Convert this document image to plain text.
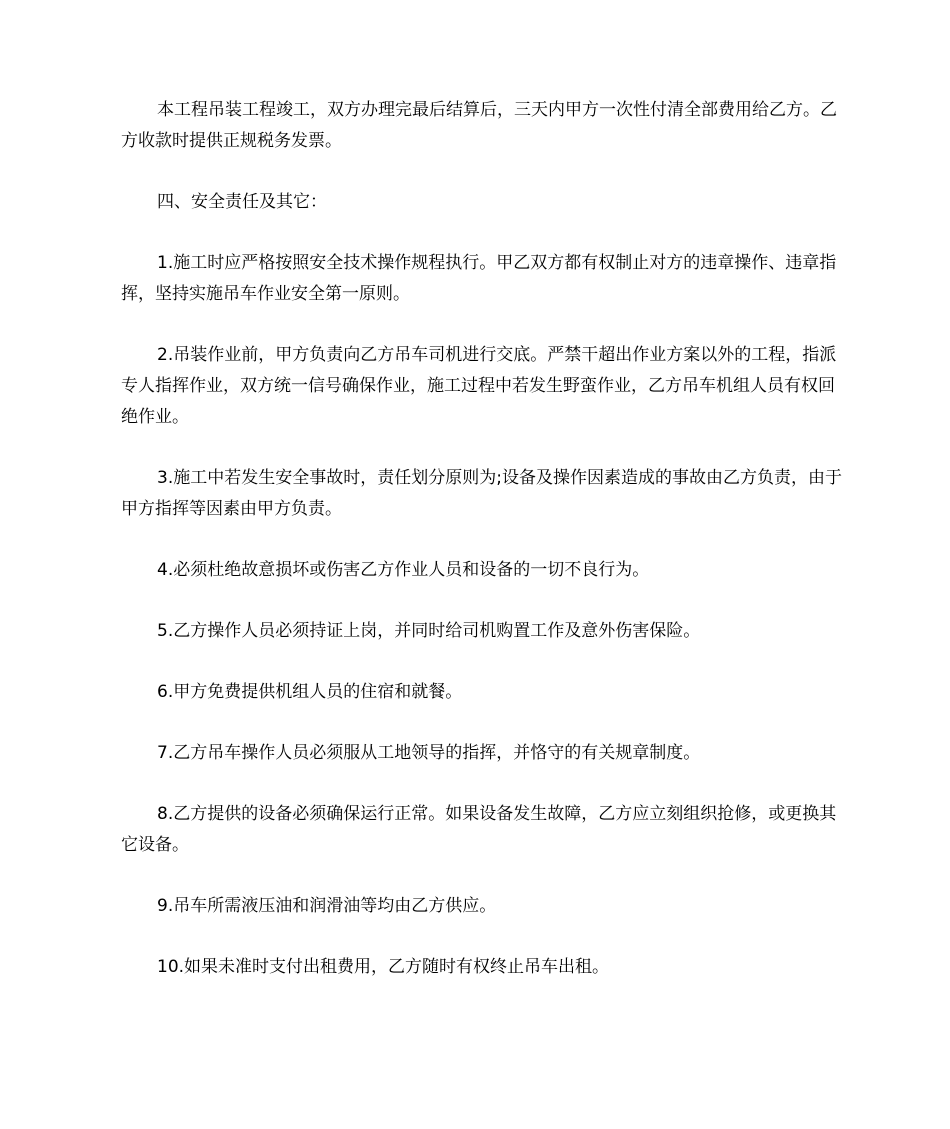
本工程吊装工程竣工，双方办理完最后结算后，三天内甲方一次性付清全部费用给乙方。乙方收款时提供正规税务发票。

四、安全责任及其它：

1.施工时应严格按照安全技术操作规程执行。甲乙双方都有权制止对方的违章操作、违章指挥，坚持实施吊车作业安全第一原则。

2.吊装作业前，甲方负责向乙方吊车司机进行交底。严禁干超出作业方案以外的工程，指派专人指挥作业，双方统一信号确保作业，施工过程中若发生野蛮作业，乙方吊车机组人员有权回绝作业。

3.施工中若发生安全事故时，责任划分原则为;设备及操作因素造成的事故由乙方负责，由于甲方指挥等因素由甲方负责。

4.必须杜绝故意损坏或伤害乙方作业人员和设备的一切不良行为。

5.乙方操作人员必须持证上岗，并同时给司机购置工作及意外伤害保险。

6.甲方免费提供机组人员的住宿和就餐。

7.乙方吊车操作人员必须服从工地领导的指挥，并恪守的有关规章制度。

8.乙方提供的设备必须确保运行正常。如果设备发生故障，乙方应立刻组织抢修，或更换其它设备。

9.吊车所需液压油和润滑油等均由乙方供应。

10.如果未准时支付出租费用，乙方随时有权终止吊车出租。
